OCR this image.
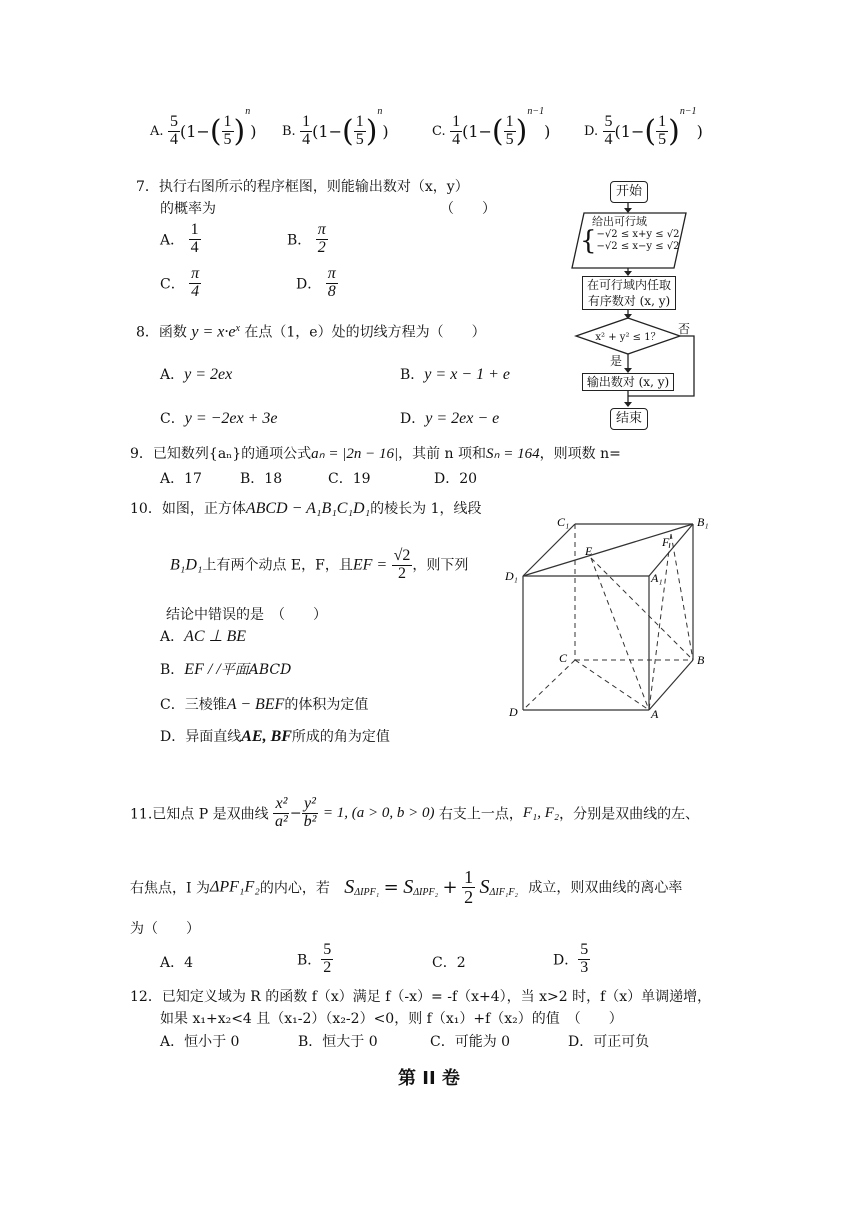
A. $\frac{5}{4} (1-( \frac{1}{5} )^n)$ B. $\frac{1}{4} (1-( \frac{1}{5} )^n)$	C. $\frac{1}{4} (1-( \frac{1}{5} )^{n-1})$	D. $\frac{5}{4} (1-( \frac{1}{5} )^{n-1})$
7．执行右图所示的程序框图，则能输出数对（x，y）
的概率为	（　　）
A． $\frac{1}{4}$	B． $\frac{\pi}{2}$
C． $\frac{\pi}{4}$	D． $\frac{\pi}{8}$
开始
给出可行域
{ −√2 ≤ x+y ≤ √2
−√2 ≤ x−y ≤ √2
在可行域内任取
有序数对 (x, y)
x² + y² ≤ 1？
否
是
输出数对 (x, y)
结束
8．函数 $y = x\cdot e^x$ 在点（1，e）处的切线方程为（　　）
A．y = 2ex	B．y = x − 1 + e
C．y = −2ex + 3e	D．y = 2ex − e
9．已知数列{aₙ}的通项公式aₙ = |2n − 16|，其前 n 项和Sₙ = 164，则项数 n=
A．17	B．18	C．19	D．20
10．如图，正方体ABCD − A₁B₁C₁D₁的棱长为 1，线段
B₁D₁上有两个动点 E，F，且EF = $\frac{√2}{2}$ ，则下列
结论中错误的是　（　　）
A．AC ⊥ BE
B．EF / /平面ABCD
C．三棱锥A − BEF的体积为定值
D．异面直线AE, BF所成的角为定值
C₁	B₁
D₁	A₁
E
F
C	B
D	A
11.已知点 P 是双曲线 $\frac{\text{x²}}{\text{a²}} - \frac{\text{y²}}{\text{b²}} = 1$, (a > 0, b > 0) 右支上一点，F₁, F₂，分别是双曲线的左、
右焦点，I 为ΔPF₁F₂的内心，若 $S_{\Delta IPF_1} = S_{\Delta IPF_2} + \frac{1}{2} S_{\Delta IF_1F_2}$ 成立，则双曲线的离心率
为（　　）
A．4	B． $\frac{5}{2}$	C．2	D． $\frac{5}{3}$
12．已知定义域为 R 的函数 f（x）满足 f（-x）= -f（x+4），当 x>2 时，f（x）单调递增，
如果 x₁+x₂<4 且（x₁-2）（x₂-2）<0，则 f（x₁）+f（x₂）的值　（　　）
A．恒小于 0	B．恒大于 0	C．可能为 0	D．可正可负
第 II 卷
